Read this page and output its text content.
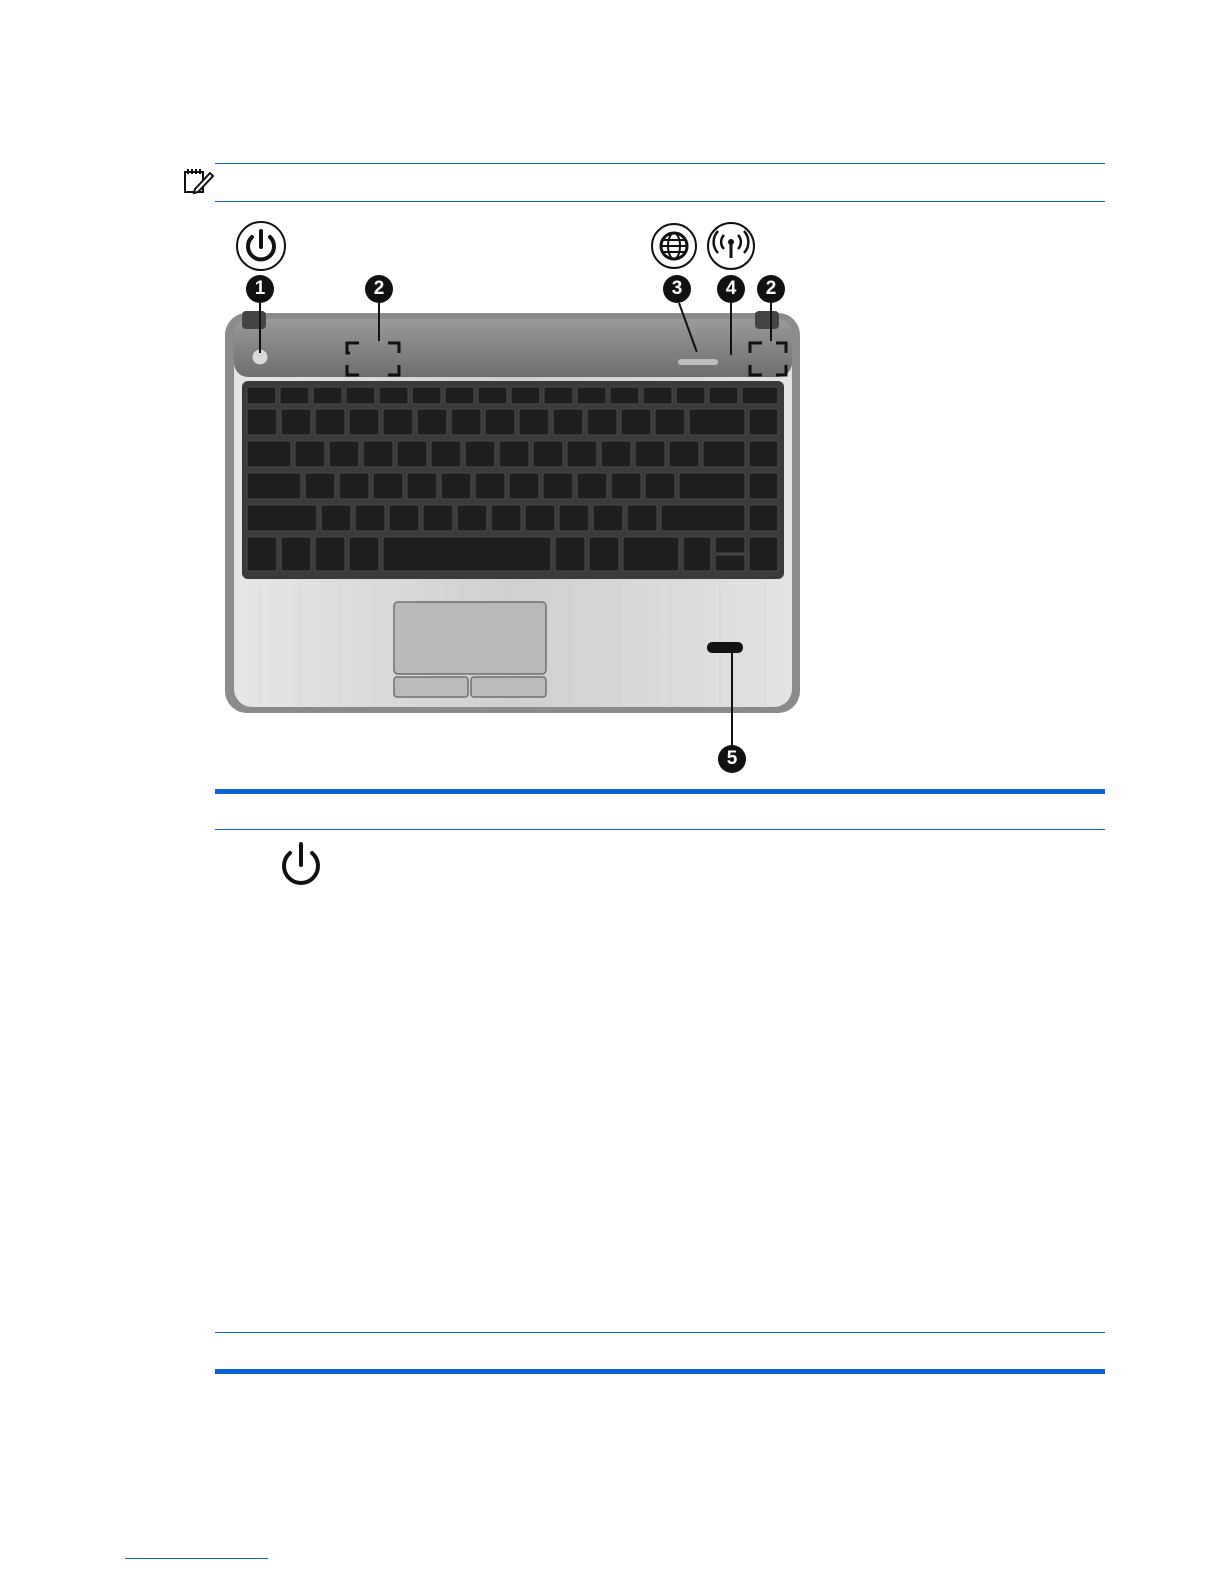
1	2	3	4	2
5
